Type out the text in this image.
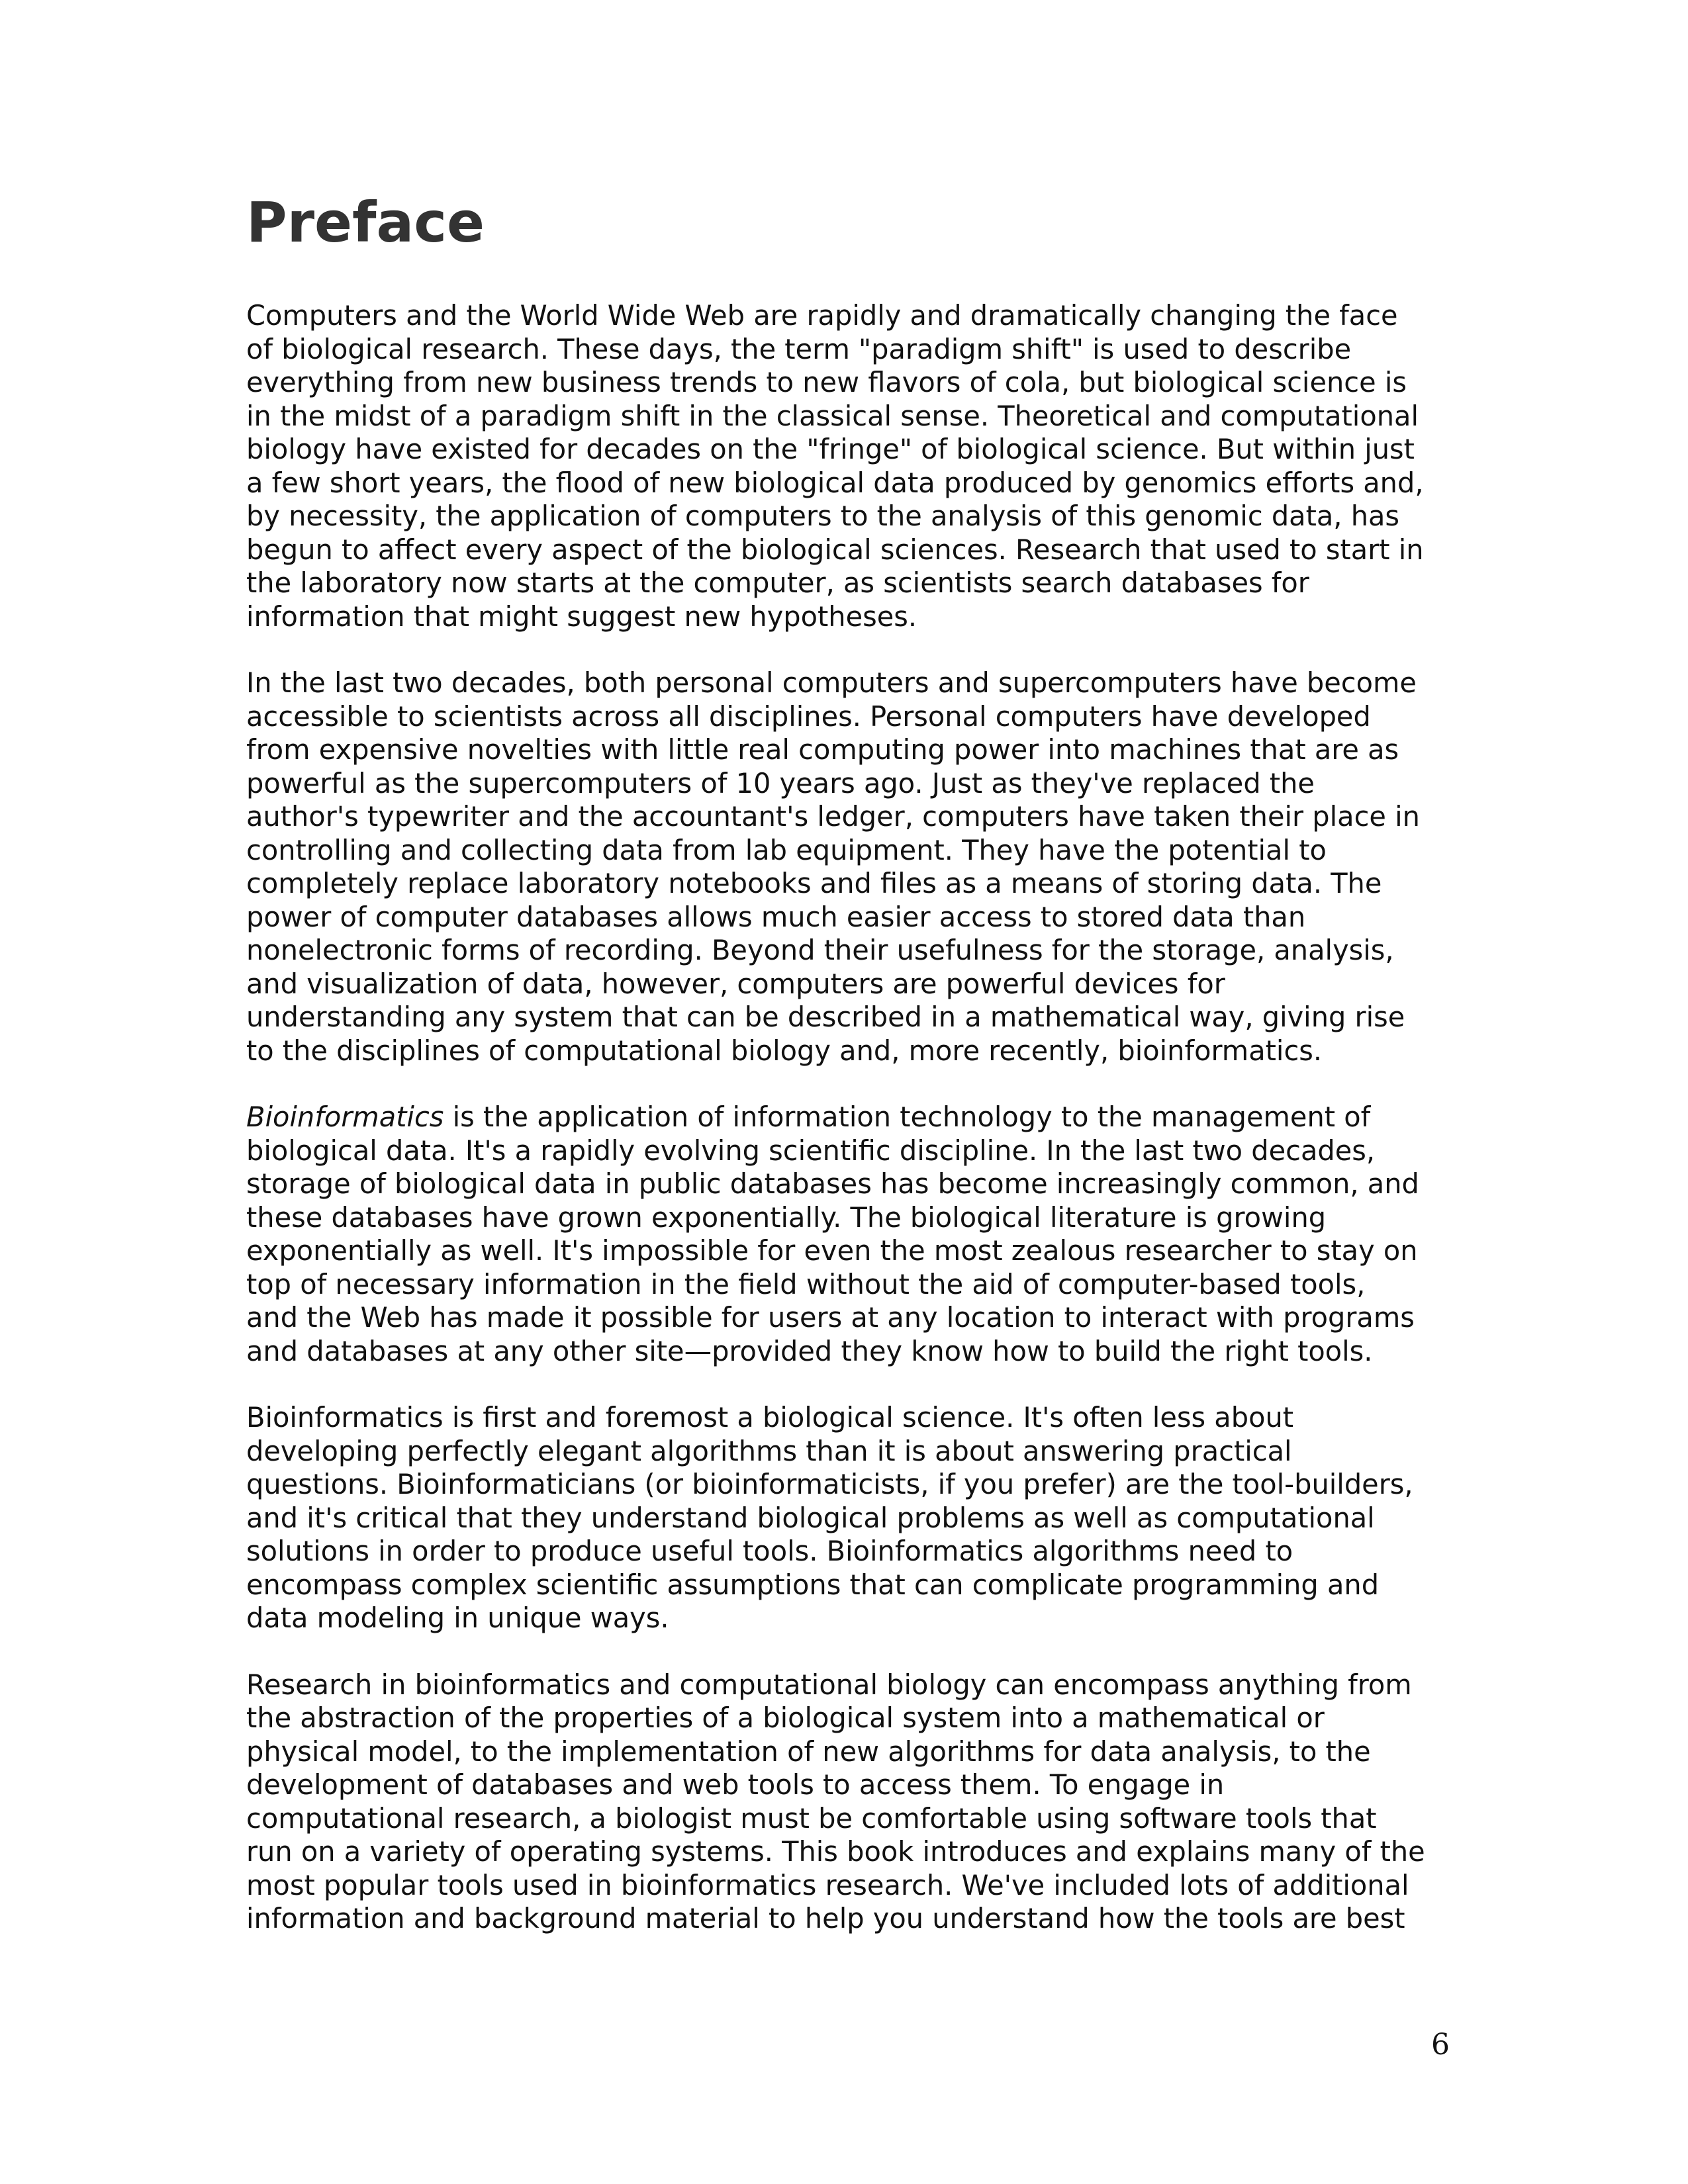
Preface
Computers and the World Wide Web are rapidly and dramatically changing the face
of biological research. These days, the term "paradigm shift" is used to describe
everything from new business trends to new flavors of cola, but biological science is
in the midst of a paradigm shift in the classical sense. Theoretical and computational
biology have existed for decades on the "fringe" of biological science. But within just
a few short years, the flood of new biological data produced by genomics efforts and,
by necessity, the application of computers to the analysis of this genomic data, has
begun to affect every aspect of the biological sciences. Research that used to start in
the laboratory now starts at the computer, as scientists search databases for
information that might suggest new hypotheses.
In the last two decades, both personal computers and supercomputers have become
accessible to scientists across all disciplines. Personal computers have developed
from expensive novelties with little real computing power into machines that are as
powerful as the supercomputers of 10 years ago. Just as they've replaced the
author's typewriter and the accountant's ledger, computers have taken their place in
controlling and collecting data from lab equipment. They have the potential to
completely replace laboratory notebooks and files as a means of storing data. The
power of computer databases allows much easier access to stored data than
nonelectronic forms of recording. Beyond their usefulness for the storage, analysis,
and visualization of data, however, computers are powerful devices for
understanding any system that can be described in a mathematical way, giving rise
to the disciplines of computational biology and, more recently, bioinformatics.
Bioinformatics is the application of information technology to the management of
biological data. It's a rapidly evolving scientific discipline. In the last two decades,
storage of biological data in public databases has become increasingly common, and
these databases have grown exponentially. The biological literature is growing
exponentially as well. It's impossible for even the most zealous researcher to stay on
top of necessary information in the field without the aid of computer-based tools,
and the Web has made it possible for users at any location to interact with programs
and databases at any other site—provided they know how to build the right tools.
Bioinformatics is first and foremost a biological science. It's often less about
developing perfectly elegant algorithms than it is about answering practical
questions. Bioinformaticians (or bioinformaticists, if you prefer) are the tool-builders,
and it's critical that they understand biological problems as well as computational
solutions in order to produce useful tools. Bioinformatics algorithms need to
encompass complex scientific assumptions that can complicate programming and
data modeling in unique ways.
Research in bioinformatics and computational biology can encompass anything from
the abstraction of the properties of a biological system into a mathematical or
physical model, to the implementation of new algorithms for data analysis, to the
development of databases and web tools to access them. To engage in
computational research, a biologist must be comfortable using software tools that
run on a variety of operating systems. This book introduces and explains many of the
most popular tools used in bioinformatics research. We've included lots of additional
information and background material to help you understand how the tools are best
6
